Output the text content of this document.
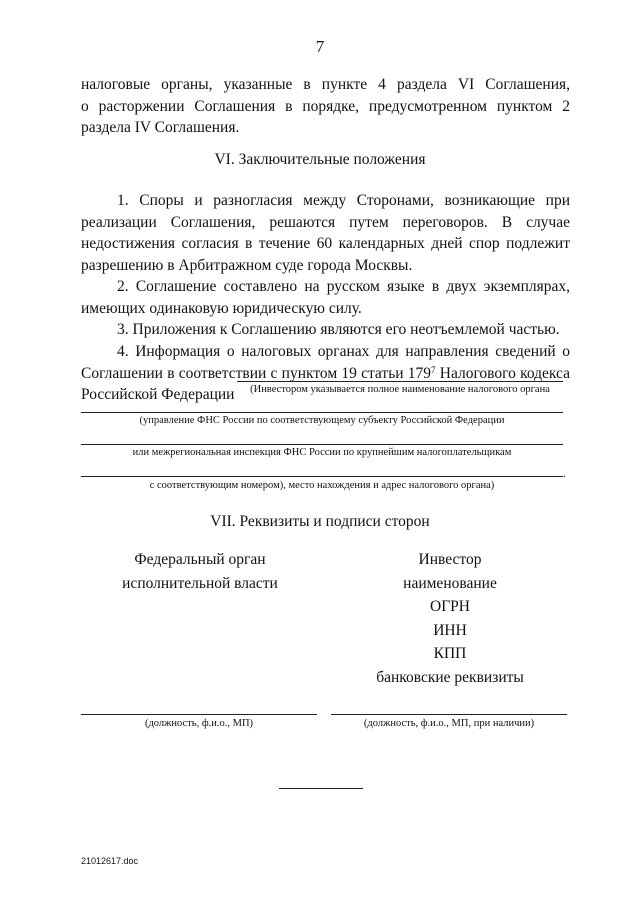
7
налоговые органы, указанные в пункте 4 раздела VI Соглашения,
о расторжении Соглашения в порядке, предусмотренном пунктом 2
раздела IV Соглашения.
VI. Заключительные положения
1. Споры и разногласия между Сторонами, возникающие при
реализации Соглашения, решаются путем переговоров. В случае
недостижения согласия в течение 60 календарных дней спор подлежит
разрешению в Арбитражном суде города Москвы.
2. Соглашение составлено на русском языке в двух экземплярах,
имеющих одинаковую юридическую силу.
3. Приложения к Соглашению являются его неотъемлемой частью.
4. Информация о налоговых органах для направления сведений о
Соглашении в соответствии с пунктом 19 статьи $179^7$ Налогового кодекса
Российской Федерации	(Инвестором указывается полное наименование налогового органа
(управление ФНС России по соответствующему субъекту Российской Федерации
или межрегиональная инспекция ФНС России по крупнейшим налогоплательщикам
.
с соответствующим номером), место нахождения и адрес налогового органа)
VII. Реквизиты и подписи сторон
Федеральный орган
исполнительной власти
Инвестор
наименование
ОГРН
ИНН
КПП
банковские реквизиты
(должность, ф.и.о., МП)	(должность, ф.и.о., МП, при наличии)
21012617.doc
